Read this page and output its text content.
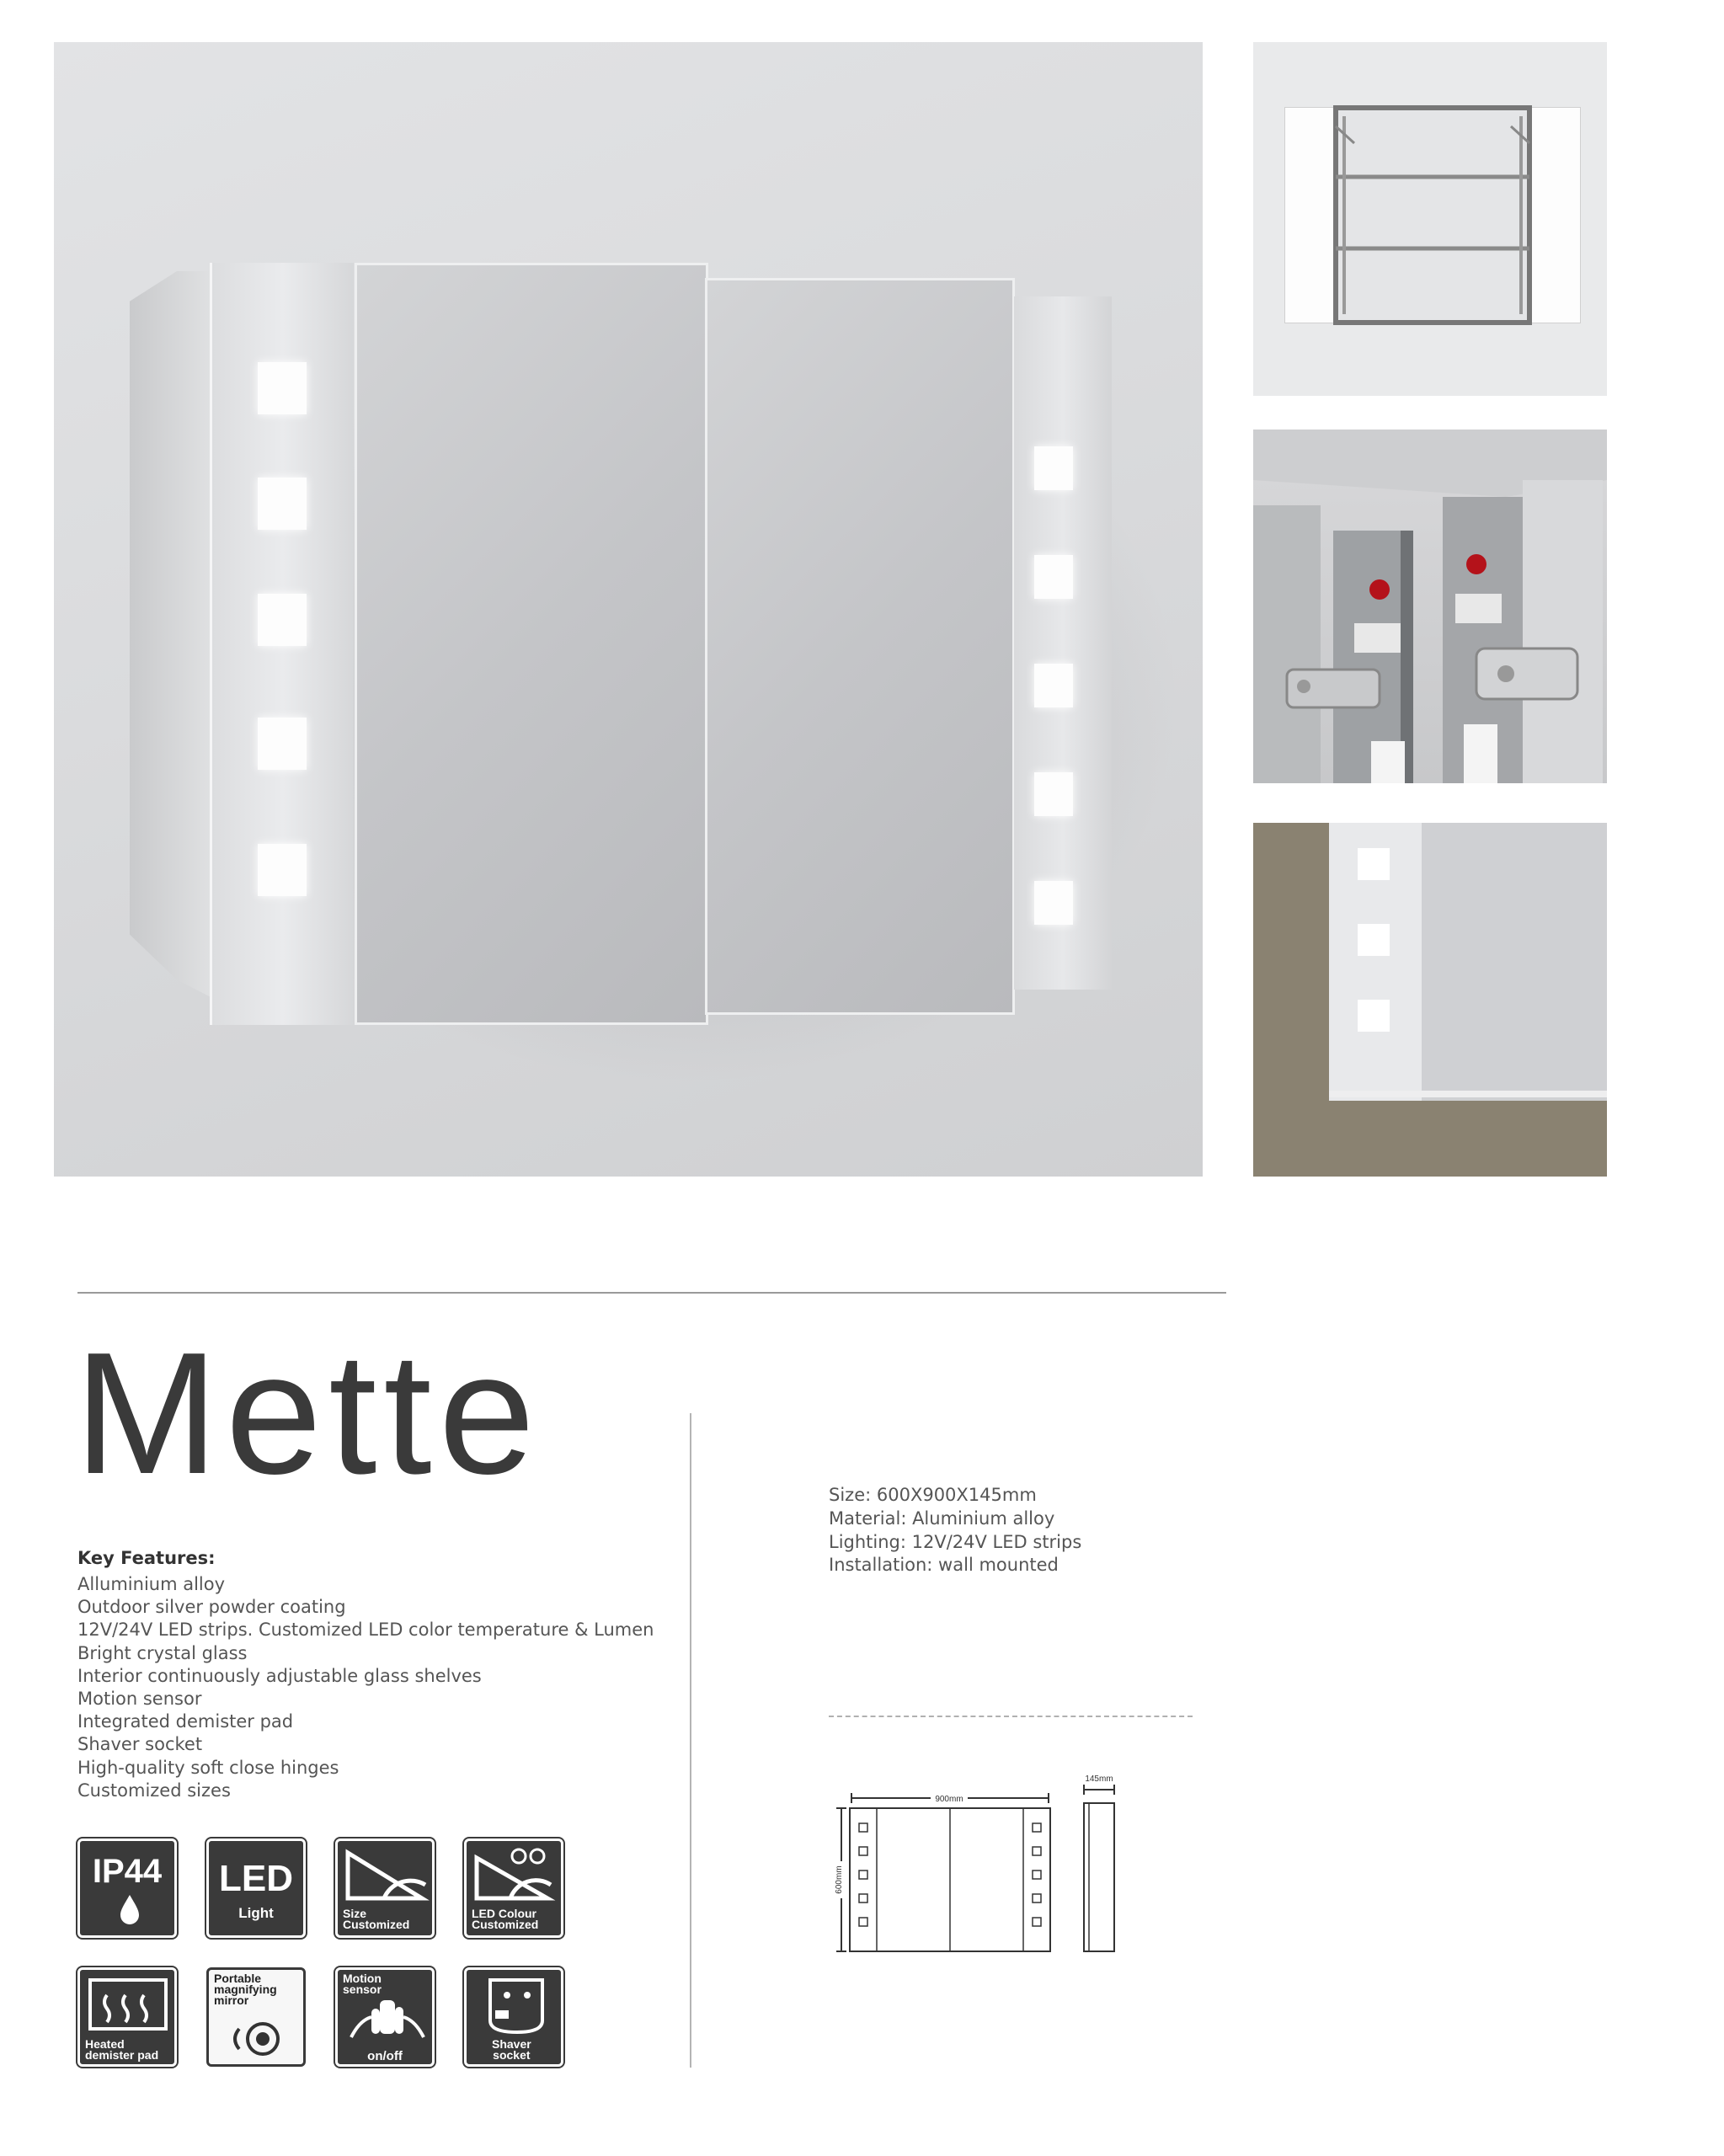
Mette
Key Features:
Alluminium alloy
Outdoor silver powder coating
12V/24V LED strips. Customized LED color temperature & Lumen
Bright crystal glass
Interior continuously adjustable glass shelves
Motion sensor
Integrated demister pad
Shaver socket
High-quality soft close hinges
Customized sizes
Size: 600X900X145mm
Material: Aluminium alloy
Lighting: 12V/24V LED strips
Installation: wall mounted
IP44	LED
Light	Size
Customized
LED Colour
Customized
Heated
demister pad
Portable
magnifying
mirror
Motion
sensor
on/off
Shaver
socket
900mm
600mm
145mm
